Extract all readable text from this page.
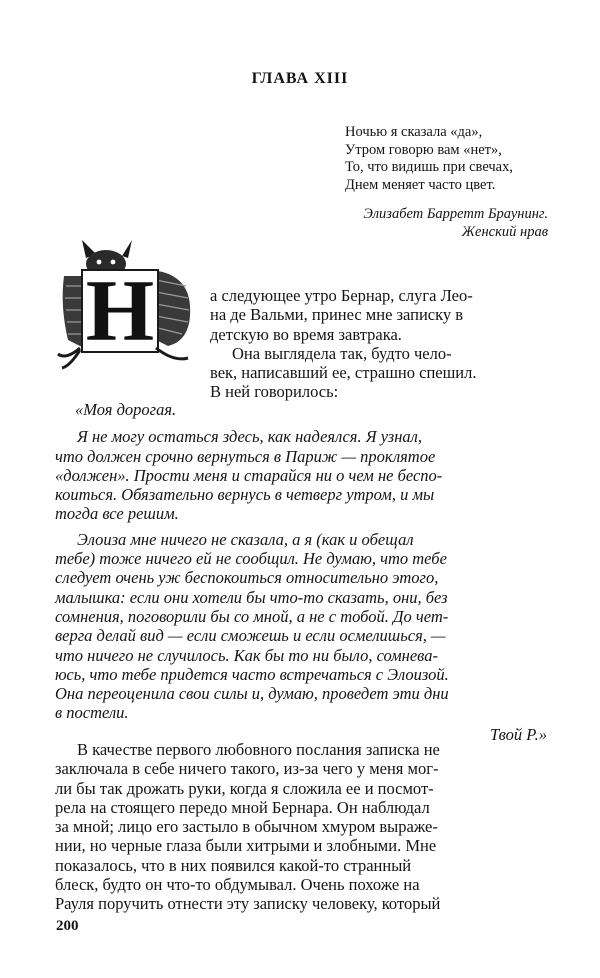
ГЛАВА XIII
Ночью я сказала «да»,
Утром говорю вам «нет»,
То, что видишь при свечах,
Днем меняет часто цвет.
Элизабет Барретт Браунинг.
Женский нрав
Н	а следующее утро Бернар, слуга Лео-
на де Вальми, принес мне записку в
детскую во время завтрака.
Она выглядела так, будто чело-
век, написавший ее, страшно спешил.
В ней говорилось:
«Моя дорогая.
Я не могу остаться здесь, как надеялся. Я узнал,
что должен срочно вернуться в Париж — проклятое
«должен». Прости меня и старайся ни о чем не беспо-
коиться. Обязательно вернусь в четверг утром, и мы
тогда все решим.
Элоиза мне ничего не сказала, а я (как и обещал
тебе) тоже ничего ей не сообщил. Не думаю, что тебе
следует очень уж беспокоиться относительно этого,
малышка: если они хотели бы что-то сказать, они, без
сомнения, поговорили бы со мной, а не с тобой. До чет-
верга делай вид — если сможешь и если осмелишься, —
что ничего не случилось. Как бы то ни было, сомнева-
юсь, что тебе придется часто встречаться с Элоизой.
Она переоценила свои силы и, думаю, проведет эти дни
в постели.
Твой Р.»
В качестве первого любовного послания записка не
заключала в себе ничего такого, из-за чего у меня мог-
ли бы так дрожать руки, когда я сложила ее и посмот-
рела на стоящего передо мной Бернара. Он наблюдал
за мной; лицо его застыло в обычном хмуром выраже-
нии, но черные глаза были хитрыми и злобными. Мне
показалось, что в них появился какой-то странный
блеск, будто он что-то обдумывал. Очень похоже на
Рауля поручить отнести эту записку человеку, который
200
